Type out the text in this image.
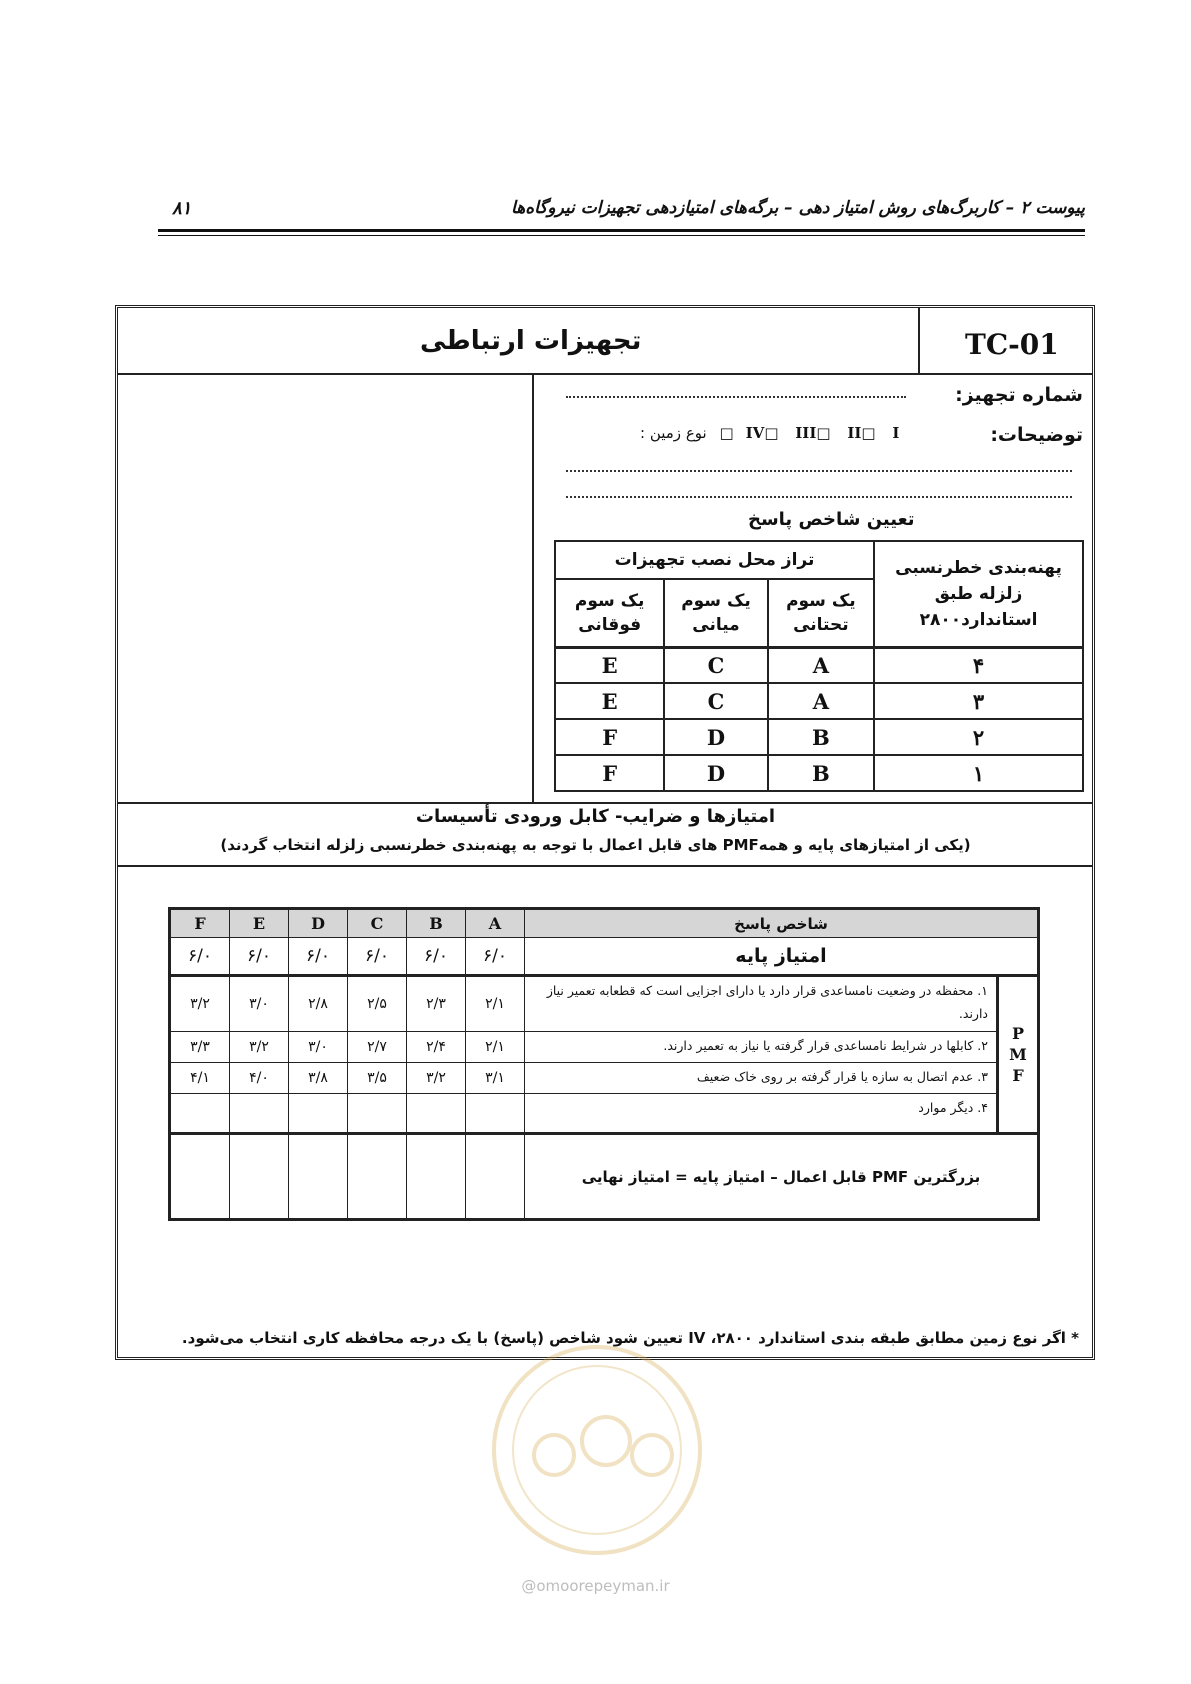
پیوست ۲ – کاربرگ‌های روش امتیاز دهی – برگه‌های امتیازدهی تجهیزات نیروگاه‌ها
۸۱
TC-01
تجهیزات ارتباطی
شماره تجهیز:
توضیحات:
IV□ III□ II□ I□ نوع زمین :
تعیین شاخص پاسخ
تراز محل نصب تجهیزات			پهنه‌بندی خطرنسبی زلزله طبق استاندارد۲۸۰۰
یک سوم فوقانی	یک سوم میانی	یک سوم تحتانی	
E	C	A	۴
E	C	A	۳
F	D	B	۲
F	D	B	۱
امتیازها و ضرایب- کابل ورودی تأسیسات
(یکی از امتیازهای پایه و همهPMF های قابل اعمال با توجه به پهنه‌بندی خطرنسبی زلزله انتخاب گردند)
F	E	D	C	B	A	شاخص پاسخ	
۶/۰	۶/۰	۶/۰	۶/۰	۶/۰	۶/۰	امتیاز پایه	
۳/۲	۳/۰	۲/۸	۲/۵	۲/۳	۲/۱	۱. محفظه در وضعیت نامساعدی قرار دارد یا دارای اجزایی است که قطعابه تعمیر نیاز دارند.	P
M
F

۳/۳	۳/۲	۳/۰	۲/۷	۲/۴	۲/۱	۲. کابلها در شرایط نامساعدی قرار گرفته یا نیاز به تعمیر دارند.	
۴/۱	۴/۰	۳/۸	۳/۵	۳/۲	۳/۱	۳. عدم اتصال به سازه یا قرار گرفته بر روی خاک ضعیف	
						۴. دیگر موارد	
						بزرگترین PMF قابل اعمال – امتیاز پایه = امتیاز نهایی	
* اگر نوع زمین مطابق طبقه بندی استاندارد ۲۸۰۰، IV تعیین شود شاخص (پاسخ) با یک درجه محافظه کاری انتخاب می‌شود.
@omoorepeyman.ir
